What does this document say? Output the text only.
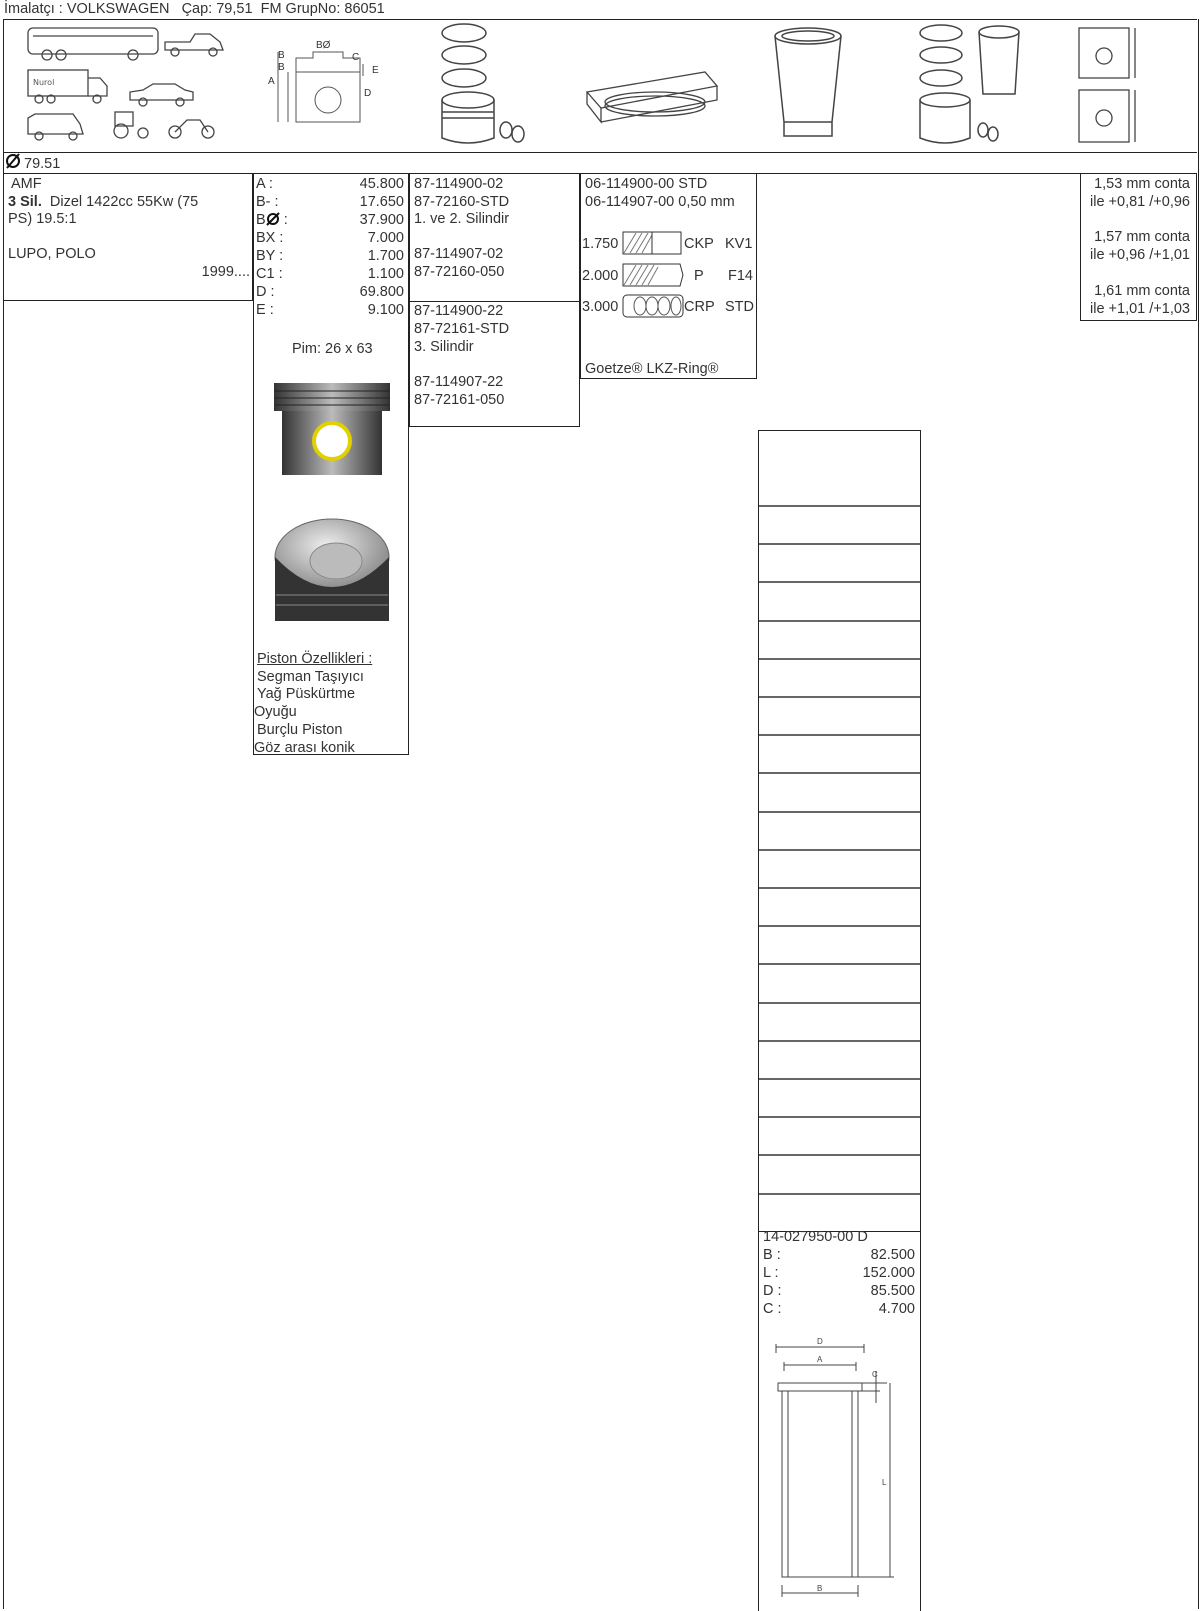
İmalatçı : VOLKSWAGEN Çap: 79,51 FM GrupNo: 86051
Nurol
BØ
B
B
C
E
A
D
79.51
AMF
3 Sil. Dizel 1422cc 55Kw (75
PS) 19.5:1
LUPO, POLO
1999....
A :	45.800
B- :	17.650
B :	37.900
BX :	7.000
BY :	1.700
C1 :	1.100
D :	69.800
E :	9.100
Pim: 26 x 63
Piston Özellikleri :
Segman Taşıyıcı
Yağ Püskürtme
Oyuğu
Burçlu Piston
Göz arası konik
87-114900-02
87-72160-STD
1. ve 2. Silindir
87-114907-02
87-72160-050
87-114900-22
87-72161-STD
3. Silindir
87-114907-22
87-72161-050
06-114900-00 STD
06-114907-00 0,50 mm
1.750	CKP KV1
2.000	P F14
3.000	CRP STD
Goetze® LKZ-Ring®
1,53 mm conta
ile +0,81 /+0,96
1,57 mm conta
ile +0,96 /+1,01
1,61 mm conta
ile +1,01 /+1,03
14-027950-00 D
B :	82.500
L :	152.000
D :	85.500
C :	4.700
D
A
C
L
B
